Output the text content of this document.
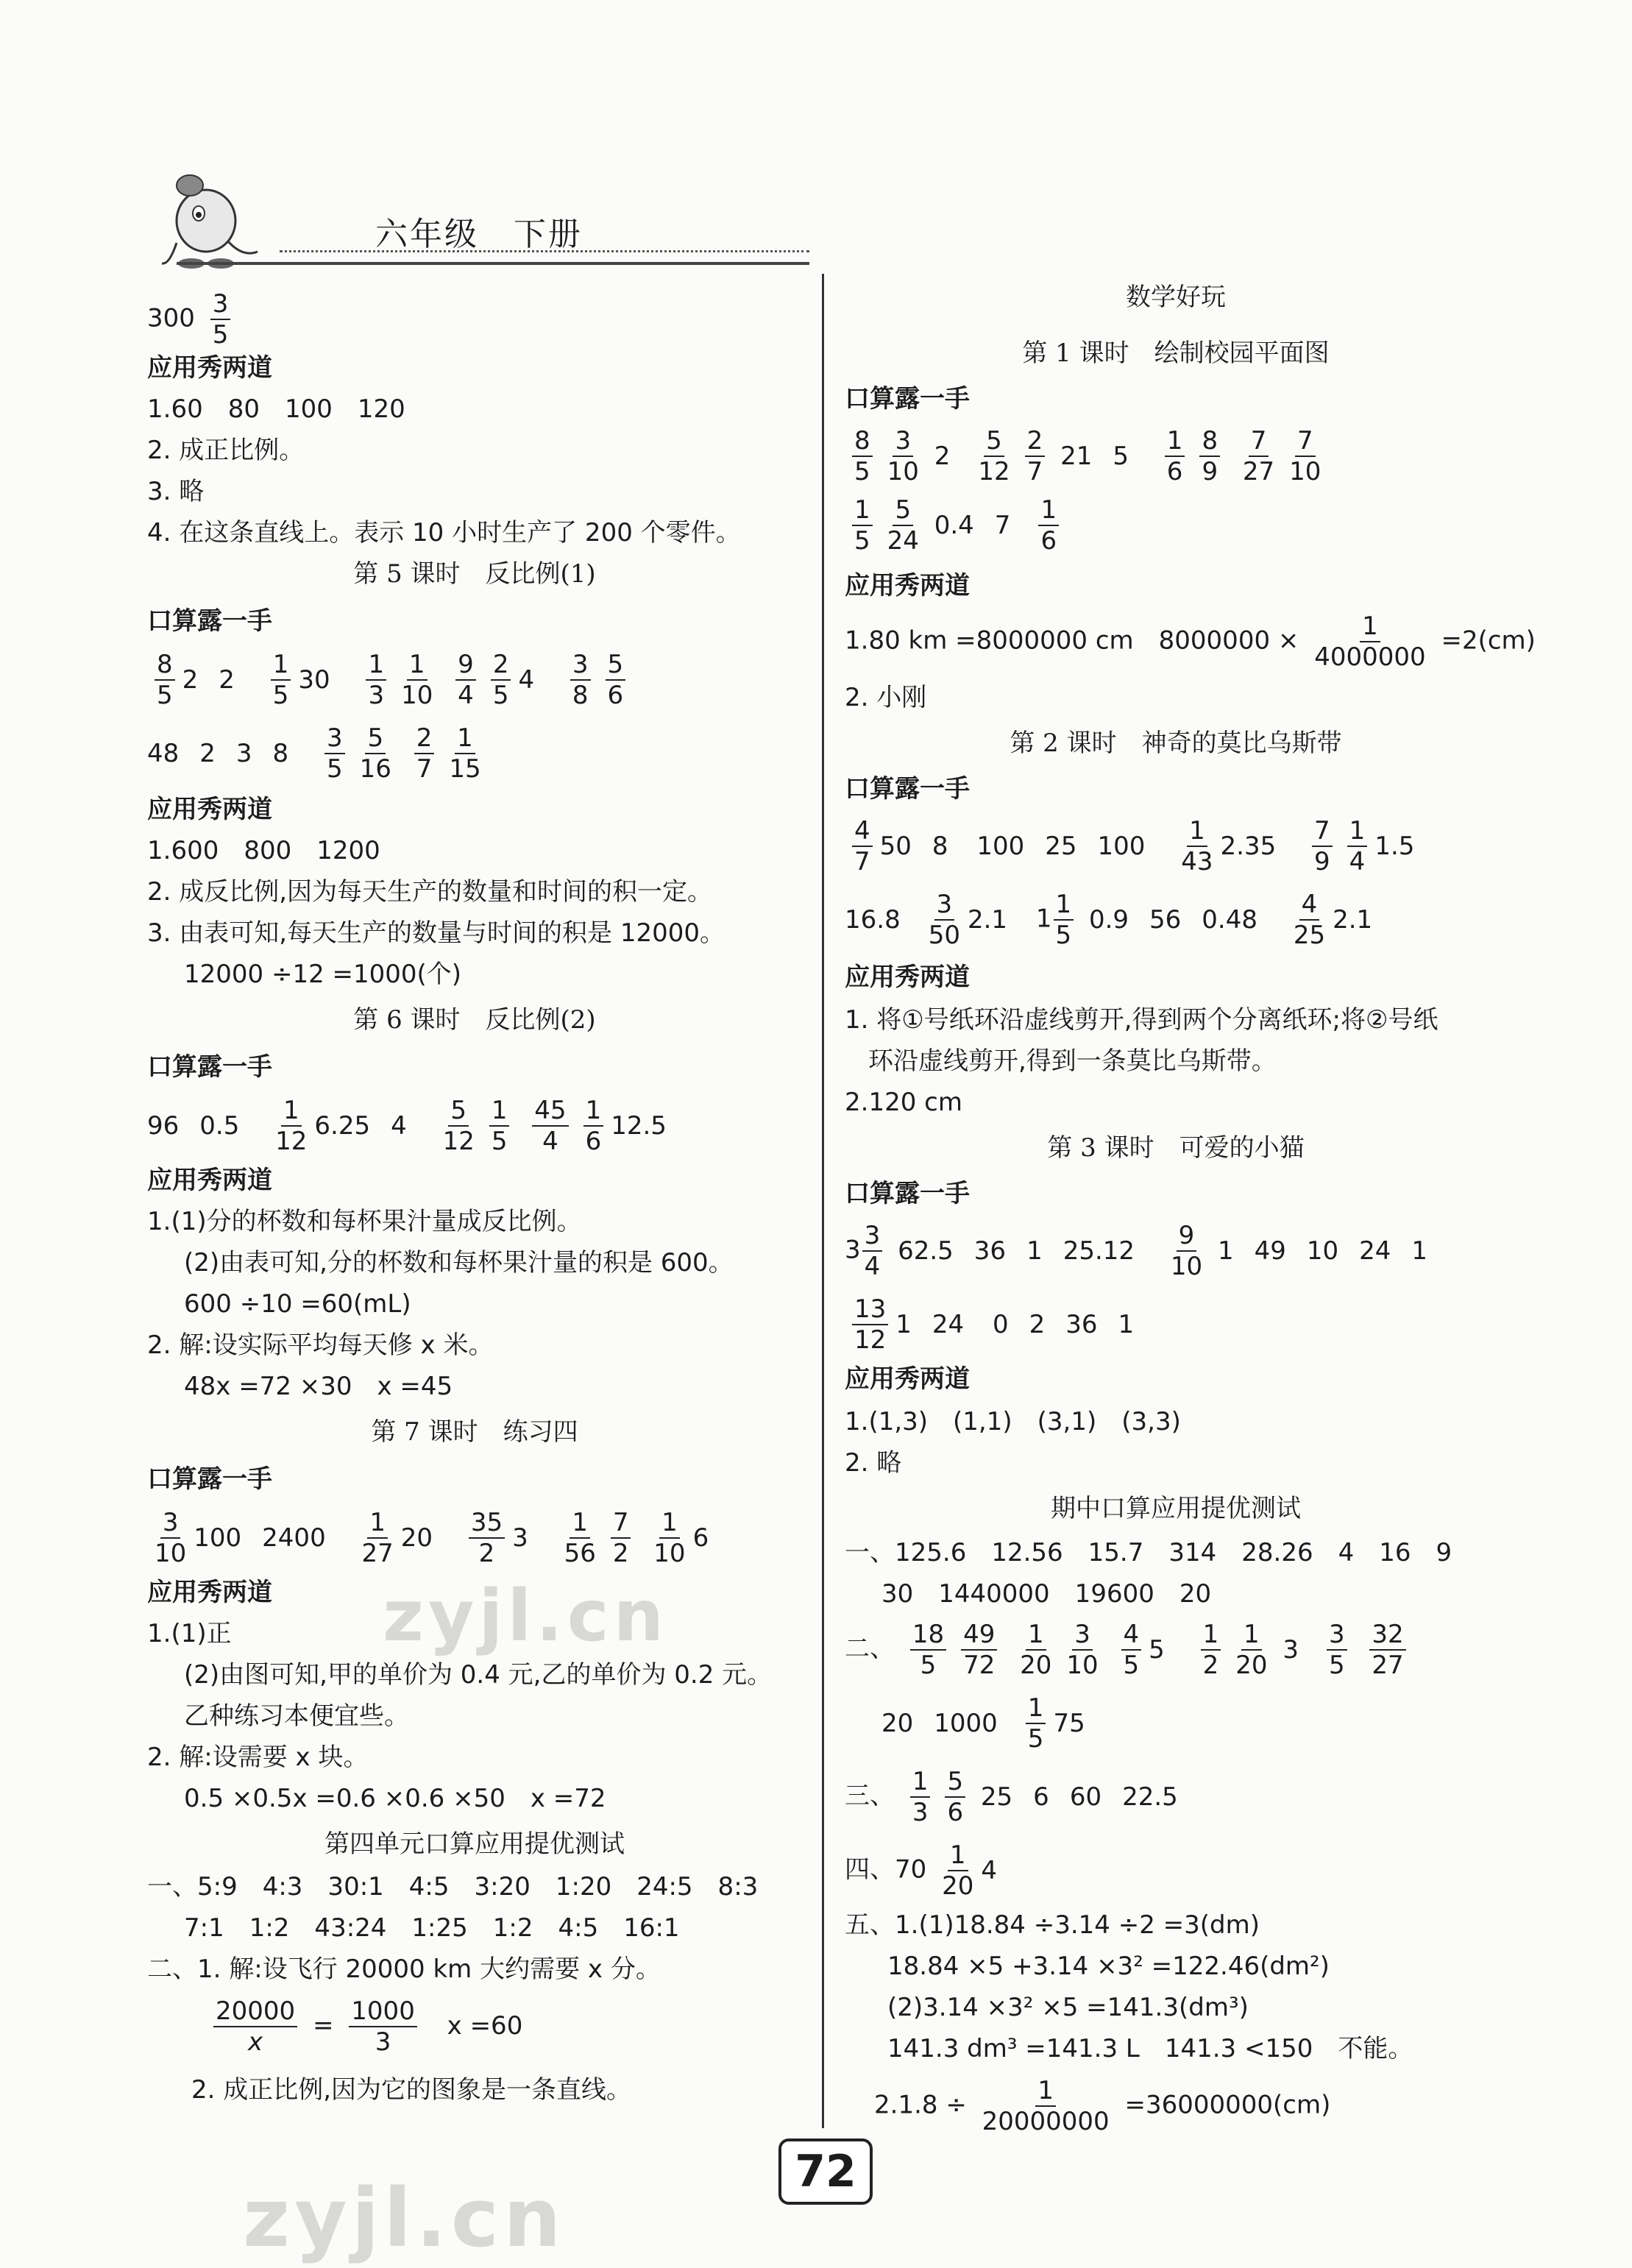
六年级　下册
$300 \frac{3}{5}$
应用秀两道
1.60　80　100　120
2. 成正比例。
3. 略
4. 在这条直线上。表示 10 小时生产了 200 个零件。
第 5 课时　反比例(1)
口算露一手
$\frac{8}{5} 2$ $2 \frac{1}{5} 30 \frac{1}{3} \frac{1}{10}$
$\frac{9}{4} \frac{2}{5} 4 \frac{3}{8} \frac{5}{6}$
48 2 3 $8 \frac{3}{5} \frac{5}{16}$
$\frac{2}{7} \frac{1}{15}$
应用秀两道
1.600　800　1200
2. 成反比例,因为每天生产的数量和时间的积一定。
3. 由表可知,每天生产的数量与时间的积是 12000。
12000 ÷12 =1000(个)
第 6 课时　反比例(2)
口算露一手
96 $0.5 \frac{1}{12} 6.25$ $4 \frac{5}{12} \frac{1}{5}$
$\frac{45}{4} \frac{1}{6} 12.5$
应用秀两道
1.(1)分的杯数和每杯果汁量成反比例。
(2)由表可知,分的杯数和每杯果汁量的积是 600。
600 ÷10 =60(mL)
2. 解:设实际平均每天修 x 米。
48x =72 ×30　x =45
第 7 课时　练习四
口算露一手
$\frac{3}{10} 100$ $2400 \frac{1}{27} 20 \frac{35}{2} 3 \frac{1}{56} \frac{7}{2}$
$\frac{1}{10} 6$
应用秀两道
1.(1)正
(2)由图可知,甲的单价为 0.4 元,乙的单价为 0.2 元。
乙种练习本便宜些。
2. 解:设需要 x 块。
0.5 ×0.5x =0.6 ×0.6 ×50　x =72
第四单元口算应用提优测试
一、5:9　4:3　30:1　4:5　3:20　1:20　24:5　8:3
7:1　1:2　43:24　1:25　1:2　4:5　16:1
二、1. 解:设飞行 20000 km 大约需要 x 分。
$\frac{20000}{x} = \frac{1000}{3}$ x =60
2. 成正比例,因为它的图象是一条直线。
数学好玩
第 1 课时　绘制校园平面图
口算露一手
$\frac{8}{5} \frac{3}{10} 2 \frac{5}{12} \frac{2}{7} 21$ $5 \frac{1}{6} \frac{8}{9}$
$\frac{7}{27} \frac{7}{10}$
$\frac{1}{5} \frac{5}{24} 0.4$ $7 \frac{1}{6}$
应用秀两道
1.80 km =8000000 cm　$8000000 \times \frac{1}{4000000} =2(cm)$
2. 小刚
第 2 课时　神奇的莫比乌斯带
口算露一手
$\frac{4}{7} 50$ 8 100 25 $100 \frac{1}{43} 2.35 \frac{7}{9} \frac{1}{4} 1.5$
$16.8 \frac{3}{50} 2.1$ $1 \frac{1}{5} 0.9$ 56 $0.48 \frac{4}{25} 2.1$
应用秀两道
1. 将①号纸环沿虚线剪开,得到两个分离纸环;将②号纸
环沿虚线剪开,得到一条莫比乌斯带。
2.120 cm
第 3 课时　可爱的小猫
口算露一手
$3 \frac{3}{4} 62.5$ 36 1 $25.12 \frac{9}{10} 1$ 49 10 24 1
$\frac{13}{12} 1$ 24 0 2 36 1
应用秀两道
1.(1,3)　(1,1)　(3,1)　(3,3)
2. 略
期中口算应用提优测试
一、125.6　12.56　15.7　314　28.26　4　16　9
30　1440000　19600　20
二、 $\frac{18}{5} \frac{49}{72}$
$\frac{1}{20} \frac{3}{10}$
$\frac{4}{5} 5 \frac{1}{2} \frac{1}{20} 3 \frac{3}{5}$
$\frac{32}{27}$
20 $1000 \frac{1}{5} 75$
三、 $\frac{1}{3} \frac{5}{6} 25$ 6 60 22.5
四、$70 \frac{1}{20} 4$
五、1.(1)18.84 ÷3.14 ÷2 =3(dm)
18.84 ×5 +3.14 ×3² =122.46(dm²)
(2)3.14 ×3² ×5 =141.3(dm³)
141.3 dm³ =141.3 L　141.3 <150　不能。
$2.1.8 \div \frac{1}{20000000} =36000000(cm)$
zyjl.cn
zyjl.cn	72
